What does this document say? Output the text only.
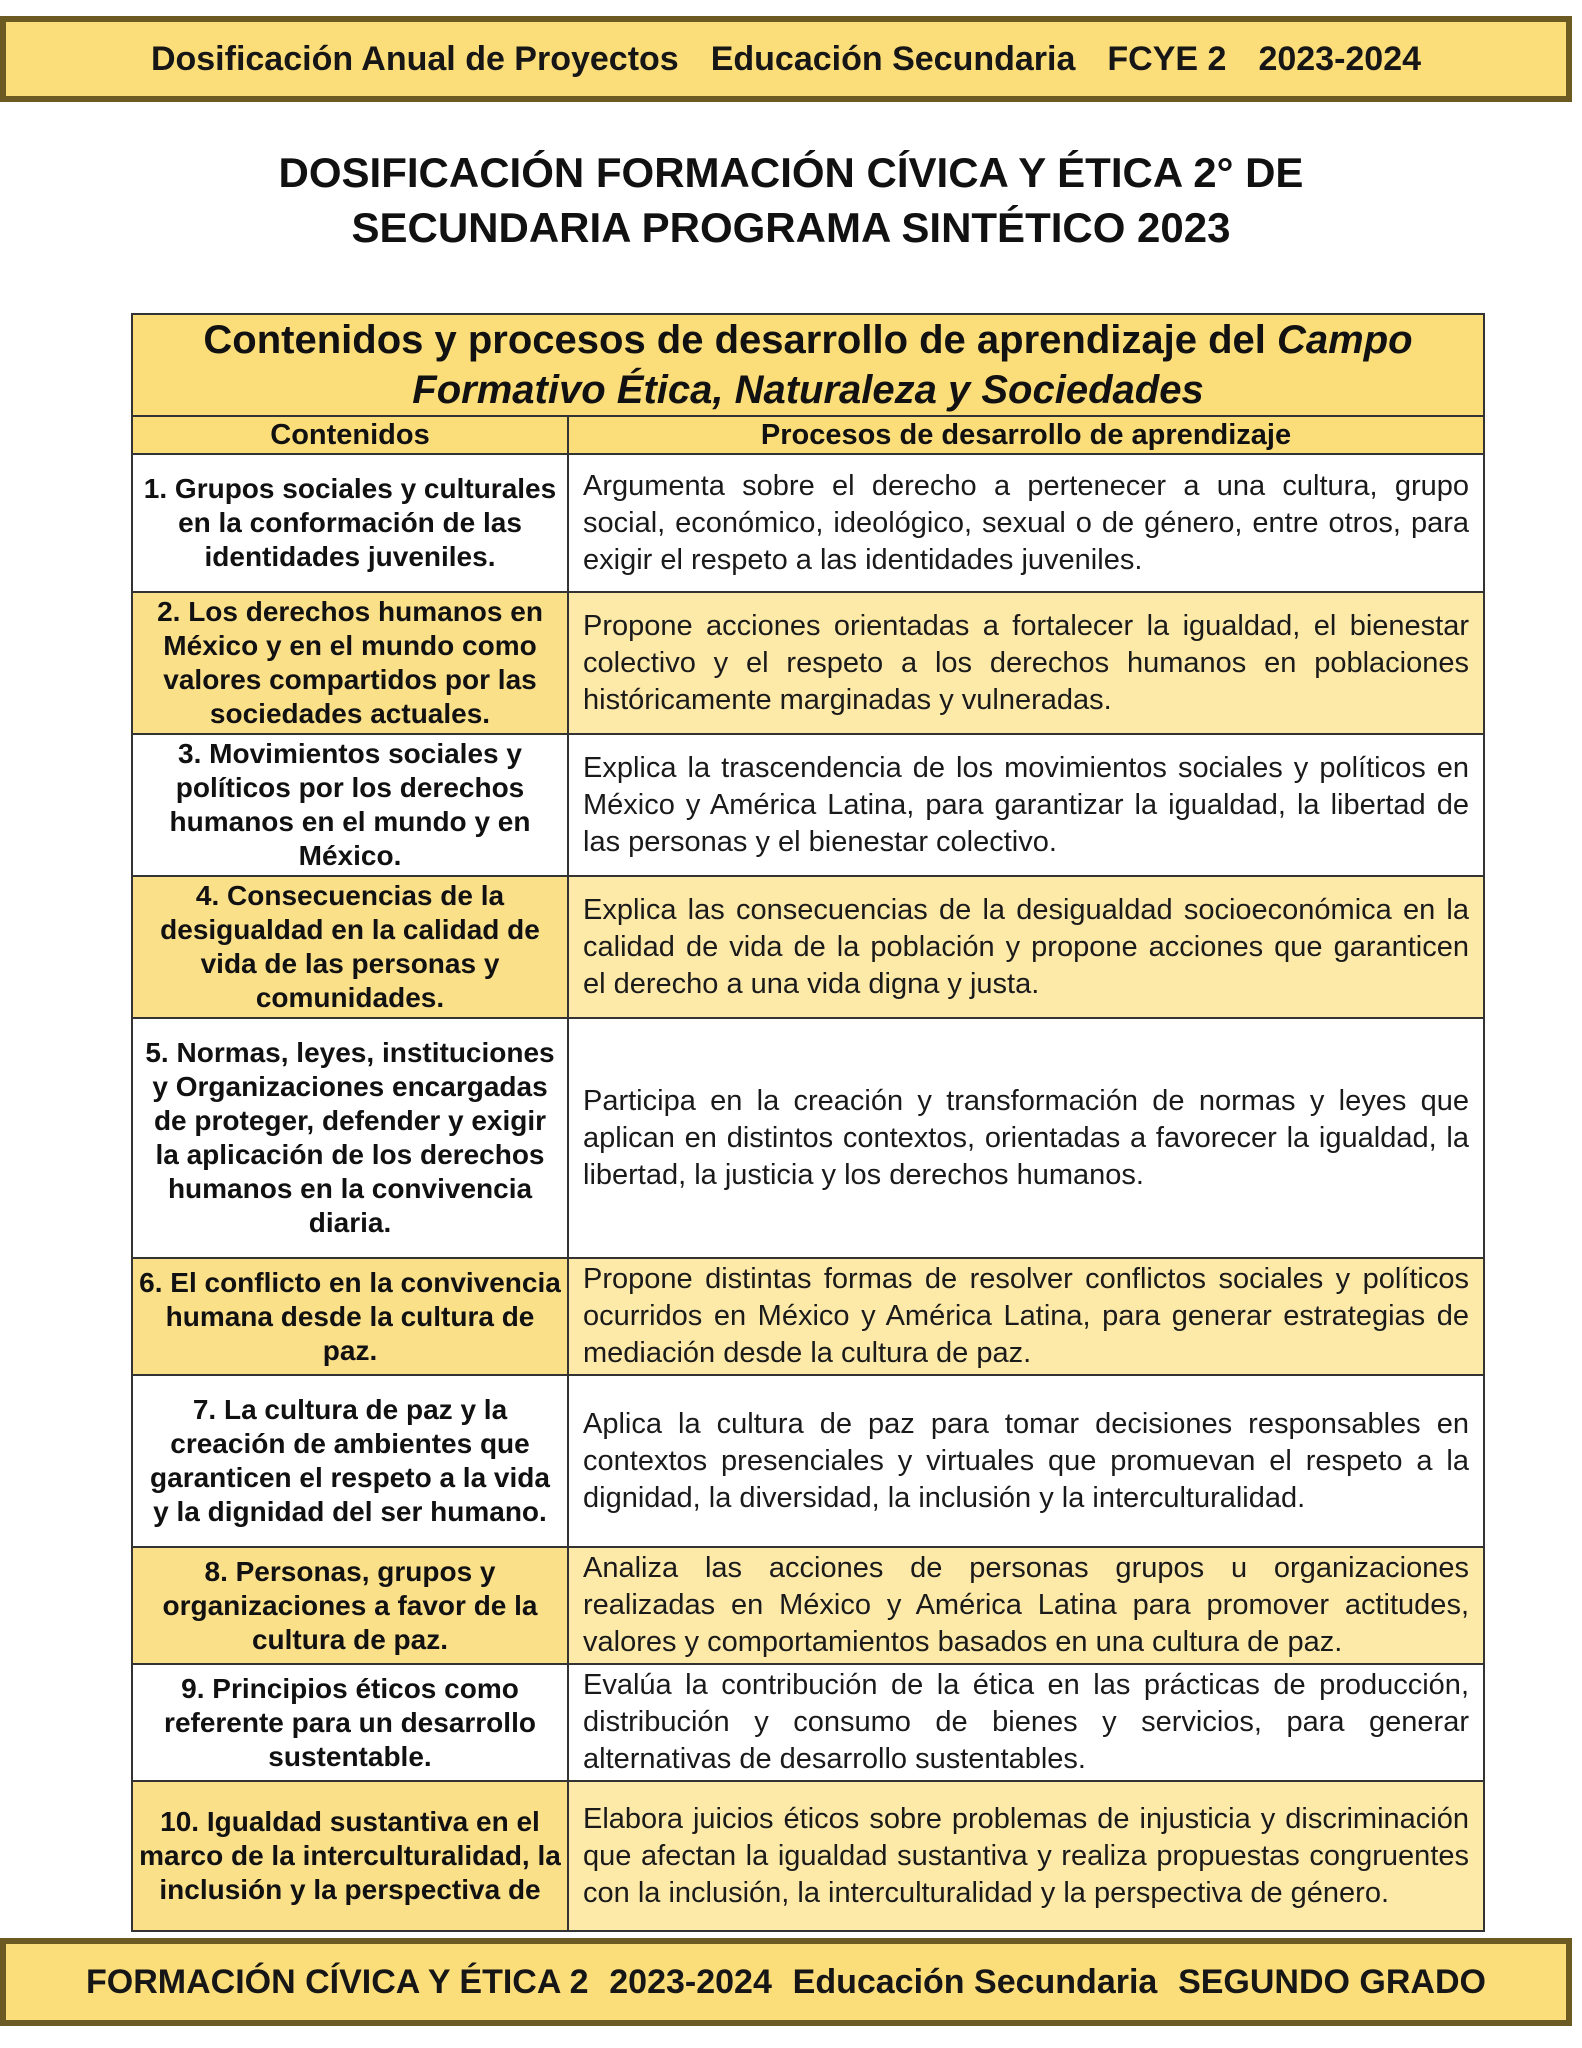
Dosificación Anual de Proyectos Educación Secundaria FCYE 2 2023-2024
DOSIFICACIÓN FORMACIÓN CÍVICA Y ÉTICA 2° DE
SECUNDARIA PROGRAMA SINTÉTICO 2023
Contenidos y procesos de desarrollo de aprendizaje del Campo Formativo Ética, Naturaleza y Sociedades	
Contenidos	Procesos de desarrollo de aprendizaje
1. Grupos sociales y culturales en la conformación de las identidades juveniles.	Argumenta sobre el derecho a pertenecer a una cultura, grupo social, económico, ideológico, sexual o de género, entre otros, para exigir el respeto a las identidades juveniles.
2. Los derechos humanos en México y en el mundo como valores compartidos por las sociedades actuales.	Propone acciones orientadas a fortalecer la igualdad, el bienestar colectivo y el respeto a los derechos humanos en poblaciones históricamente marginadas y vulneradas.
3. Movimientos sociales y políticos por los derechos humanos en el mundo y en México.	Explica la trascendencia de los movimientos sociales y políticos en México y América Latina, para garantizar la igualdad, la libertad de las personas y el bienestar colectivo.
4. Consecuencias de la desigualdad en la calidad de vida de las personas y comunidades.	Explica las consecuencias de la desigualdad socioeconómica en la calidad de vida de la población y propone acciones que garanticen el derecho a una vida digna y justa.
5. Normas, leyes, instituciones y Organizaciones encargadas de proteger, defender y exigir la aplicación de los derechos humanos en la convivencia diaria.	Participa en la creación y transformación de normas y leyes que aplican en distintos contextos, orientadas a favorecer la igualdad, la libertad, la justicia y los derechos humanos.
6. El conflicto en la convivencia humana desde la cultura de paz.	Propone distintas formas de resolver conflictos sociales y políticos ocurridos en México y América Latina, para generar estrategias de mediación desde la cultura de paz.
7. La cultura de paz y la creación de ambientes que garanticen el respeto a la vida y la dignidad del ser humano.	Aplica la cultura de paz para tomar decisiones responsables en contextos presenciales y virtuales que promuevan el respeto a la dignidad, la diversidad, la inclusión y la interculturalidad.
8. Personas, grupos y organizaciones a favor de la cultura de paz.	Analiza las acciones de personas grupos u organizaciones realizadas en México y América Latina para promover actitudes, valores y comportamientos basados en una cultura de paz.
9. Principios éticos como referente para un desarrollo sustentable.	Evalúa la contribución de la ética en las prácticas de producción, distribución y consumo de bienes y servicios, para generar alternativas de desarrollo sustentables.
10. Igualdad sustantiva en el marco de la interculturalidad, la inclusión y la perspectiva de	Elabora juicios éticos sobre problemas de injusticia y discriminación que afectan la igualdad sustantiva y realiza propuestas congruentes con la inclusión, la interculturalidad y la perspectiva de género.
FORMACIÓN CÍVICA Y ÉTICA 2 2023-2024 Educación Secundaria SEGUNDO GRADO
